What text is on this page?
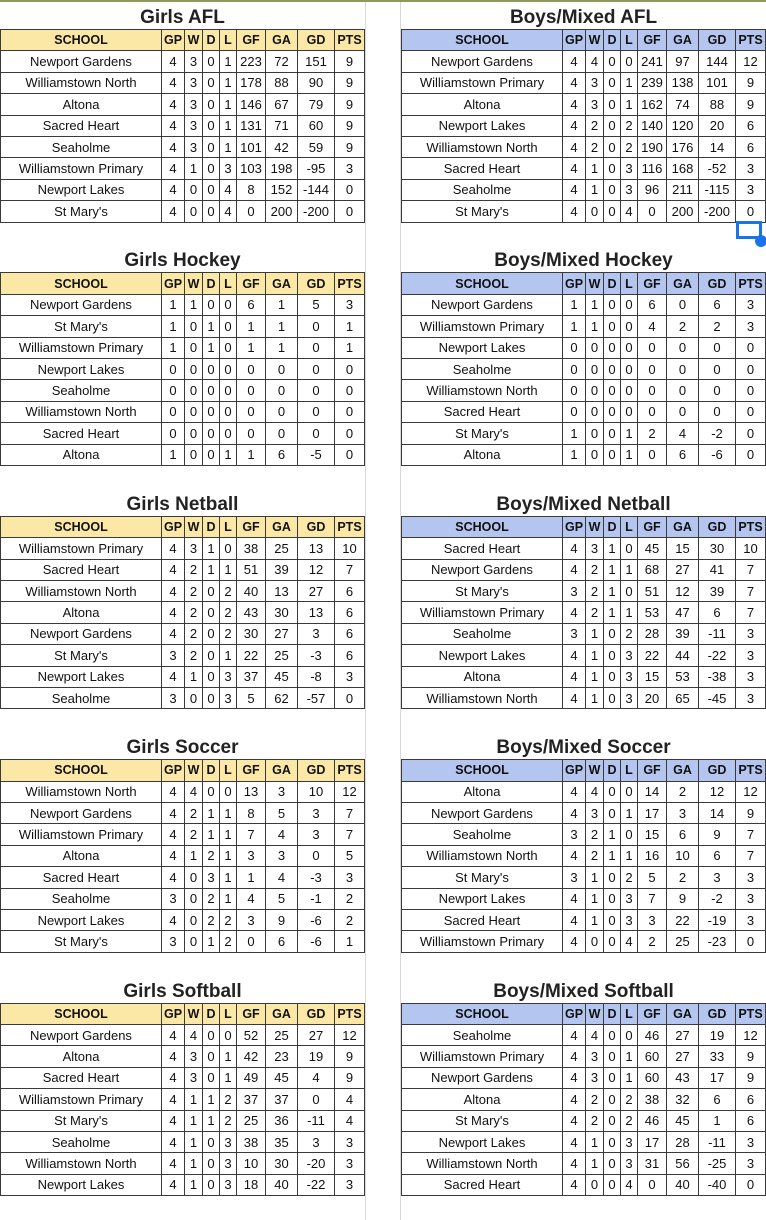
Girls AFL
SCHOOL	GP	W	D	L	GF	GA	GD	PTS
Newport Gardens	4	3	0	1	223	72	151	9
Williamstown North	4	3	0	1	178	88	90	9
Altona	4	3	0	1	146	67	79	9
Sacred Heart	4	3	0	1	131	71	60	9
Seaholme	4	3	0	1	101	42	59	9
Williamstown Primary	4	1	0	3	103	198	-95	3
Newport Lakes	4	0	0	4	8	152	-144	0
St Mary's	4	0	0	4	0	200	-200	0
Boys/Mixed AFL
SCHOOL	GP	W	D	L	GF	GA	GD	PTS
Newport Gardens	4	4	0	0	241	97	144	12
Williamstown Primary	4	3	0	1	239	138	101	9
Altona	4	3	0	1	162	74	88	9
Newport Lakes	4	2	0	2	140	120	20	6
Williamstown North	4	2	0	2	190	176	14	6
Sacred Heart	4	1	0	3	116	168	-52	3
Seaholme	4	1	0	3	96	211	-115	3
St Mary's	4	0	0	4	0	200	-200	0
Girls Hockey
SCHOOL	GP	W	D	L	GF	GA	GD	PTS
Newport Gardens	1	1	0	0	6	1	5	3
St Mary's	1	0	1	0	1	1	0	1
Williamstown Primary	1	0	1	0	1	1	0	1
Newport Lakes	0	0	0	0	0	0	0	0
Seaholme	0	0	0	0	0	0	0	0
Williamstown North	0	0	0	0	0	0	0	0
Sacred Heart	0	0	0	0	0	0	0	0
Altona	1	0	0	1	1	6	-5	0
Boys/Mixed Hockey
SCHOOL	GP	W	D	L	GF	GA	GD	PTS
Newport Gardens	1	1	0	0	6	0	6	3
Williamstown Primary	1	1	0	0	4	2	2	3
Newport Lakes	0	0	0	0	0	0	0	0
Seaholme	0	0	0	0	0	0	0	0
Williamstown North	0	0	0	0	0	0	0	0
Sacred Heart	0	0	0	0	0	0	0	0
St Mary's	1	0	0	1	2	4	-2	0
Altona	1	0	0	1	0	6	-6	0
Girls Netball
SCHOOL	GP	W	D	L	GF	GA	GD	PTS
Williamstown Primary	4	3	1	0	38	25	13	10
Sacred Heart	4	2	1	1	51	39	12	7
Williamstown North	4	2	0	2	40	13	27	6
Altona	4	2	0	2	43	30	13	6
Newport Gardens	4	2	0	2	30	27	3	6
St Mary's	3	2	0	1	22	25	-3	6
Newport Lakes	4	1	0	3	37	45	-8	3
Seaholme	3	0	0	3	5	62	-57	0
Boys/Mixed Netball
SCHOOL	GP	W	D	L	GF	GA	GD	PTS
Sacred Heart	4	3	1	0	45	15	30	10
Newport Gardens	4	2	1	1	68	27	41	7
St Mary's	3	2	1	0	51	12	39	7
Williamstown Primary	4	2	1	1	53	47	6	7
Seaholme	3	1	0	2	28	39	-11	3
Newport Lakes	4	1	0	3	22	44	-22	3
Altona	4	1	0	3	15	53	-38	3
Williamstown North	4	1	0	3	20	65	-45	3
Girls Soccer
SCHOOL	GP	W	D	L	GF	GA	GD	PTS
Williamstown North	4	4	0	0	13	3	10	12
Newport Gardens	4	2	1	1	8	5	3	7
Williamstown Primary	4	2	1	1	7	4	3	7
Altona	4	1	2	1	3	3	0	5
Sacred Heart	4	0	3	1	1	4	-3	3
Seaholme	3	0	2	1	4	5	-1	2
Newport Lakes	4	0	2	2	3	9	-6	2
St Mary's	3	0	1	2	0	6	-6	1
Boys/Mixed Soccer
SCHOOL	GP	W	D	L	GF	GA	GD	PTS
Altona	4	4	0	0	14	2	12	12
Newport Gardens	4	3	0	1	17	3	14	9
Seaholme	3	2	1	0	15	6	9	7
Williamstown North	4	2	1	1	16	10	6	7
St Mary's	3	1	0	2	5	2	3	3
Newport Lakes	4	1	0	3	7	9	-2	3
Sacred Heart	4	1	0	3	3	22	-19	3
Williamstown Primary	4	0	0	4	2	25	-23	0
Girls Softball
SCHOOL	GP	W	D	L	GF	GA	GD	PTS
Newport Gardens	4	4	0	0	52	25	27	12
Altona	4	3	0	1	42	23	19	9
Sacred Heart	4	3	0	1	49	45	4	9
Williamstown Primary	4	1	1	2	37	37	0	4
St Mary's	4	1	1	2	25	36	-11	4
Seaholme	4	1	0	3	38	35	3	3
Williamstown North	4	1	0	3	10	30	-20	3
Newport Lakes	4	1	0	3	18	40	-22	3
Boys/Mixed Softball
SCHOOL	GP	W	D	L	GF	GA	GD	PTS
Seaholme	4	4	0	0	46	27	19	12
Williamstown Primary	4	3	0	1	60	27	33	9
Newport Gardens	4	3	0	1	60	43	17	9
Altona	4	2	0	2	38	32	6	6
St Mary's	4	2	0	2	46	45	1	6
Newport Lakes	4	1	0	3	17	28	-11	3
Williamstown North	4	1	0	3	31	56	-25	3
Sacred Heart	4	0	0	4	0	40	-40	0
